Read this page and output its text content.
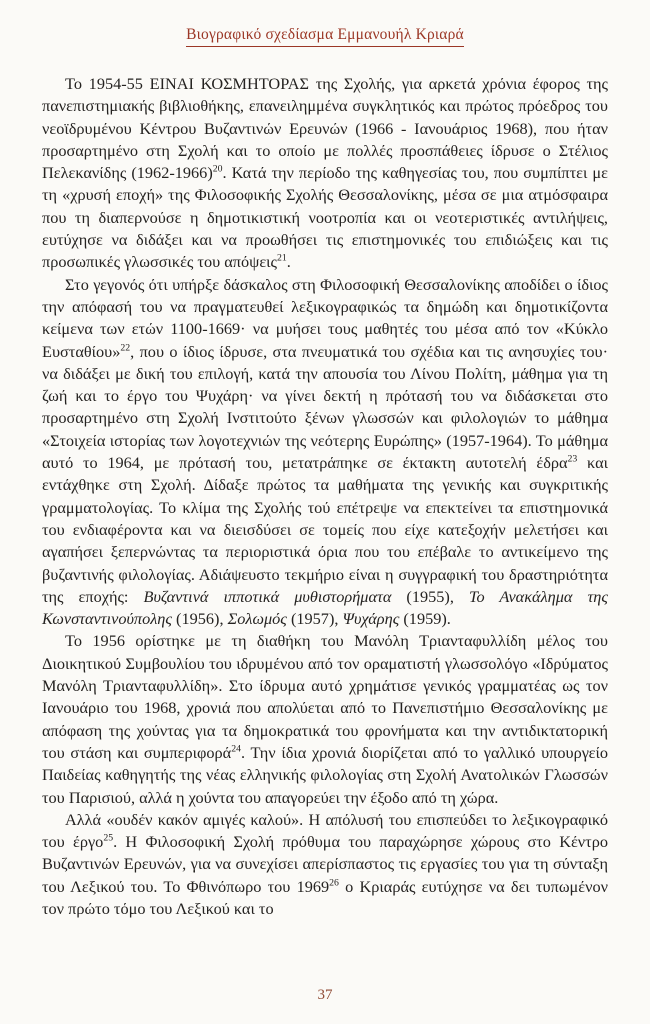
Βιογραφικό σχεδίασμα Εμμανουήλ Κριαρά

Το 1954-55 ΕΙΝΑΙ ΚΟΣΜΗΤΟΡΑΣ της Σχολής, για αρκετά χρόνια έφορος της πανεπιστημιακής βιβλιοθήκης, επανειλημμένα συγκλητικός και πρώτος πρόεδρος του νεοϊδρυμένου Κέντρου Βυζαντινών Ερευνών (1966 - Ιανουάριος 1968), που ήταν προσαρτημένο στη Σχολή και το οποίο με πολλές προσπάθειες ίδρυσε ο Στέλιος Πελεκανίδης (1962-1966)$^{20}$. Κατά την περίοδο της καθηγεσίας του, που συμπίπτει με τη «χρυσή εποχή» της Φιλοσοφικής Σχολής Θεσσαλονίκης, μέσα σε μια ατμόσφαιρα που τη διαπερνούσε η δημοτικιστική νοοτροπία και οι νεοτεριστικές αντιλήψεις, ευτύχησε να διδάξει και να προωθήσει τις επιστημονικές του επιδιώξεις και τις προσωπικές γλωσσικές του απόψεις$^{21}$.

Στο γεγονός ότι υπήρξε δάσκαλος στη Φιλοσοφική Θεσσαλονίκης αποδίδει ο ίδιος την απόφασή του να πραγματευθεί λεξικογραφικώς τα δημώδη και δημοτικίζοντα κείμενα των ετών 1100-1669· να μυήσει τους μαθητές του μέσα από τον «Κύκλο Ευσταθίου»$^{22}$, που ο ίδιος ίδρυσε, στα πνευματικά του σχέδια και τις ανησυχίες του· να διδάξει με δική του επιλογή, κατά την απουσία του Λίνου Πολίτη, μάθημα για τη ζωή και το έργο του Ψυχάρη· να γίνει δεκτή η πρότασή του να διδάσκεται στο προσαρτημένο στη Σχολή Ινστιτούτο ξένων γλωσσών και φιλολογιών το μάθημα «Στοιχεία ιστορίας των λογοτεχνιών της νεότερης Ευρώπης» (1957-1964). Το μάθημα αυτό το 1964, με πρότασή του, μετατράπηκε σε έκτακτη αυτοτελή έδρα$^{23}$ και εντάχθηκε στη Σχολή. Δίδαξε πρώτος τα μαθήματα της γενικής και συγκριτικής γραμματολογίας. Το κλίμα της Σχολής τού επέτρεψε να επεκτείνει τα επιστημονικά του ενδιαφέροντα και να διεισδύσει σε τομείς που είχε κατεξοχήν μελετήσει και αγαπήσει ξεπερνώντας τα περιοριστικά όρια που του επέβαλε το αντικείμενο της βυζαντινής φιλολογίας. Αδιάψευστο τεκμήριο είναι η συγγραφική του δραστηριότητα της εποχής: Βυζαντινά ιπποτικά μυθιστορήματα (1955), Το Ανακάλημα της Κωνσταντινούπολης (1956), Σολωμός (1957), Ψυχάρης (1959).

Το 1956 ορίστηκε με τη διαθήκη του Μανόλη Τριανταφυλλίδη μέλος του Διοικητικού Συμβουλίου του ιδρυμένου από τον οραματιστή γλωσσολόγο «Ιδρύματος Μανόλη Τριανταφυλλίδη». Στο ίδρυμα αυτό χρημάτισε γενικός γραμματέας ως τον Ιανουάριο του 1968, χρονιά που απολύεται από το Πανεπιστήμιο Θεσσαλονίκης με απόφαση της χούντας για τα δημοκρατικά του φρονήματα και την αντιδικτατορική του στάση και συμπεριφορά$^{24}$. Την ίδια χρονιά διορίζεται από το γαλλικό υπουργείο Παιδείας καθηγητής της νέας ελληνικής φιλολογίας στη Σχολή Ανατολικών Γλωσσών του Παρισιού, αλλά η χούντα του απαγορεύει την έξοδο από τη χώρα.

Αλλά «ουδέν κακόν αμιγές καλού». Η απόλυσή του επισπεύδει το λεξικογραφικό του έργο$^{25}$. Η Φιλοσοφική Σχολή πρόθυμα του παραχώρησε χώρους στο Κέντρο Βυζαντινών Ερευνών, για να συνεχίσει απερίσπαστος τις εργασίες του για τη σύνταξη του Λεξικού του. Το Φθινόπωρο του 1969$^{26}$ ο Κριαράς ευτύχησε να δει τυπωμένον τον πρώτο τόμο του Λεξικού και το

37
